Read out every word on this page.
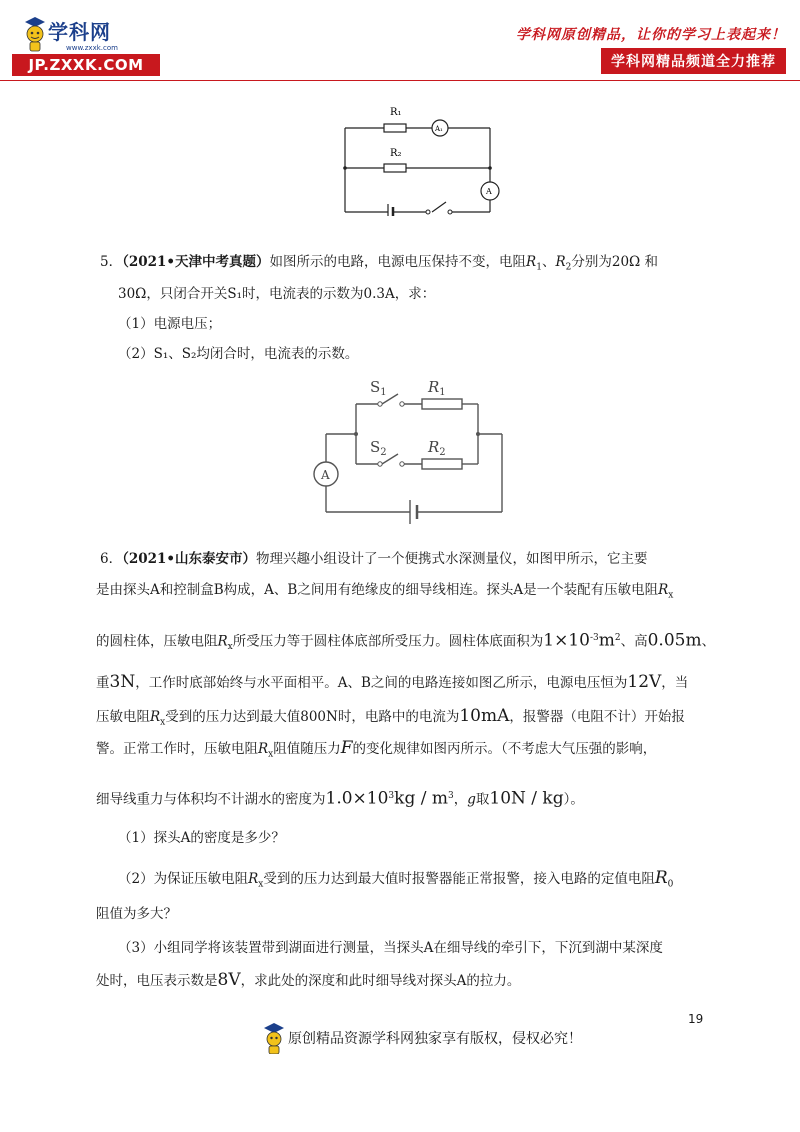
学科网
www.zxxk.com
JP.ZXXK.COM
学科网原创精品，让你的学习上表起来！
学科网精品频道全力推荐
R₁
A₁
R₂
A
5．（2021•天津中考真题）如图所示的电路，电源电压保持不变，电阻$R_1$、$R_2$分别为20Ω 和
30Ω，只闭合开关S₁时，电流表的示数为0.3A，求：
（1）电源电压；
（2）S₁、S₂均闭合时，电流表的示数。
$S_1$	$R_1$
$S_2$	$R_2$
A
6．（2021•山东泰安市）物理兴趣小组设计了一个便携式水深测量仪，如图甲所示，它主要
是由探头A和控制盒B构成，A、B之间用有绝缘皮的细导线相连。探头A是一个装配有压敏电阻$R_x$
的圆柱体，压敏电阻$R_x$所受压力等于圆柱体底部所受压力。圆柱体底面积为$1\times 10^{-3}m^2$、高0.05m、
重3N，工作时底部始终与水平面相平。A、B之间的电路连接如图乙所示，电源电压恒为12V，当
压敏电阻$R_x$受到的压力达到最大值800N时，电路中的电流为10mA，报警器（电阻不计）开始报
警。正常工作时，压敏电阻$R_x$阻值随压力F的变化规律如图丙所示。（不考虑大气压强的影响，
细导线重力与体积均不计湖水的密度为$1.0\times 10^3kg / m^3$，g取10N / kg）。
（1）探头A的密度是多少？
（2）为保证压敏电阻$R_x$受到的压力达到最大值时报警器能正常报警，接入电路的定值电阻$R_0$
阻值为多大？
（3）小组同学将该装置带到湖面进行测量，当探头A在细导线的牵引下，下沉到湖中某深度
处时，电压表示数是8V，求此处的深度和此时细导线对探头A的拉力。
19
原创精品资源学科网独家享有版权，侵权必究！
